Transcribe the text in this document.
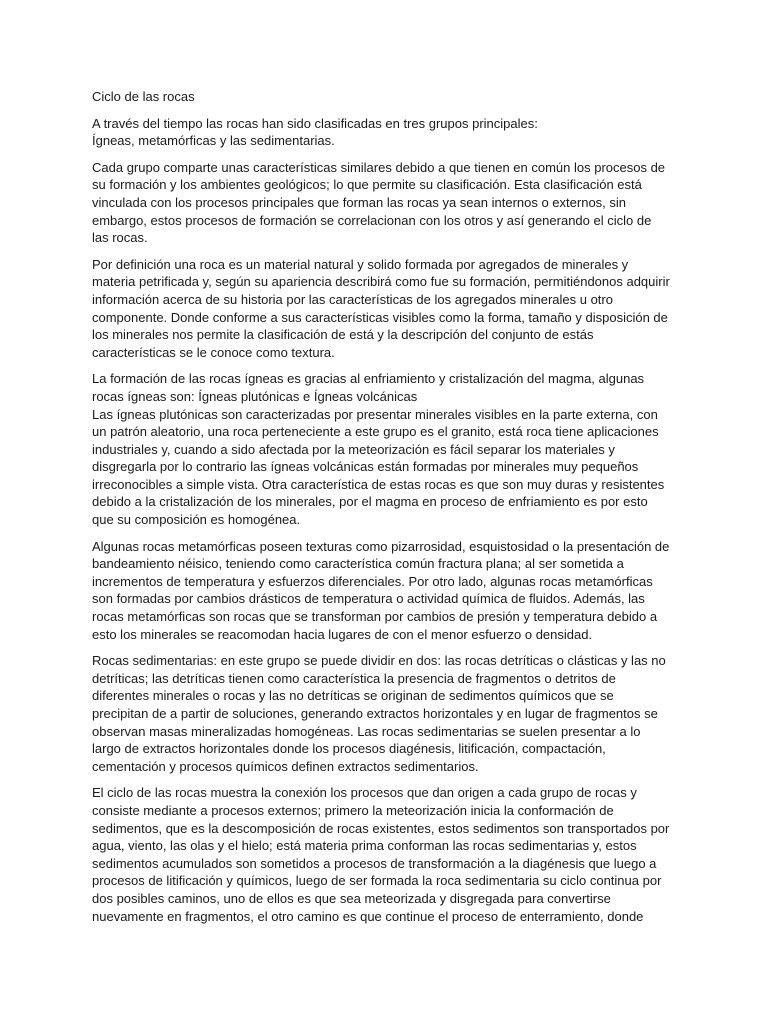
Ciclo de las rocas
A través del tiempo las rocas han sido clasificadas en tres grupos principales:
Ígneas, metamórficas y las sedimentarias.
Cada grupo comparte unas características similares debido a que tienen en común los procesos de su formación y los ambientes geológicos; lo que permite su clasificación. Esta clasificación está vinculada con los procesos principales que forman las rocas ya sean internos o externos, sin embargo, estos procesos de formación se correlacionan con los otros y así generando el ciclo de las rocas.
Por definición una roca es un material natural y solido formada por agregados de minerales y materia petrificada y, según su apariencia describirá como fue su formación, permitiéndonos adquirir información acerca de su historia por las características de los agregados minerales u otro componente. Donde conforme a sus características visibles como la forma, tamaño y disposición de los minerales nos permite la clasificación de está y la descripción del conjunto de estás características se le conoce como textura.
La formación de las rocas ígneas es gracias al enfriamiento y cristalización del magma, algunas rocas ígneas son: Ígneas plutónicas e Ígneas volcánicas
Las ígneas plutónicas son caracterizadas por presentar minerales visibles en la parte externa, con un patrón aleatorio, una roca perteneciente a este grupo es el granito, está roca tiene aplicaciones industriales y, cuando a sido afectada por la meteorización es fácil separar los materiales y disgregarla por lo contrario las ígneas volcánicas están formadas por minerales muy pequeños irreconocibles a simple vista. Otra característica de estas rocas es que son muy duras y resistentes debido a la cristalización de los minerales, por el magma en proceso de enfriamiento es por esto que su composición es homogénea.
Algunas rocas metamórficas poseen texturas como pizarrosidad, esquistosidad o la presentación de bandeamiento néisico, teniendo como característica común fractura plana; al ser sometida a incrementos de temperatura y esfuerzos diferenciales. Por otro lado, algunas rocas metamórficas son formadas por cambios drásticos de temperatura o actividad química de fluidos. Además, las rocas metamórficas son rocas que se transforman por cambios de presión y temperatura debido a esto los minerales se reacomodan hacia lugares de con el menor esfuerzo o densidad.
Rocas sedimentarias: en este grupo se puede dividir en dos: las rocas detríticas o clásticas y las no detríticas; las detríticas tienen como característica la presencia de fragmentos o detritos de diferentes minerales o rocas y las no detríticas se originan de sedimentos químicos que se precipitan de a partir de soluciones, generando extractos horizontales y en lugar de fragmentos se observan masas mineralizadas homogéneas. Las rocas sedimentarias se suelen presentar a lo largo de extractos horizontales donde los procesos diagénesis, litificación, compactación, cementación y procesos químicos definen extractos sedimentarios.
El ciclo de las rocas muestra la conexión los procesos que dan origen a cada grupo de rocas y consiste mediante a procesos externos; primero la meteorización inicia la conformación de sedimentos, que es la descomposición de rocas existentes, estos sedimentos son transportados por agua, viento, las olas y el hielo; está materia prima conforman las rocas sedimentarias y, estos sedimentos acumulados son sometidos a procesos de transformación a la diagénesis que luego a procesos de litificación y químicos, luego de ser formada la roca sedimentaria su ciclo continua por dos posibles caminos, uno de ellos es que sea meteorizada y disgregada para convertirse nuevamente en fragmentos, el otro camino es que continue el proceso de enterramiento, donde
